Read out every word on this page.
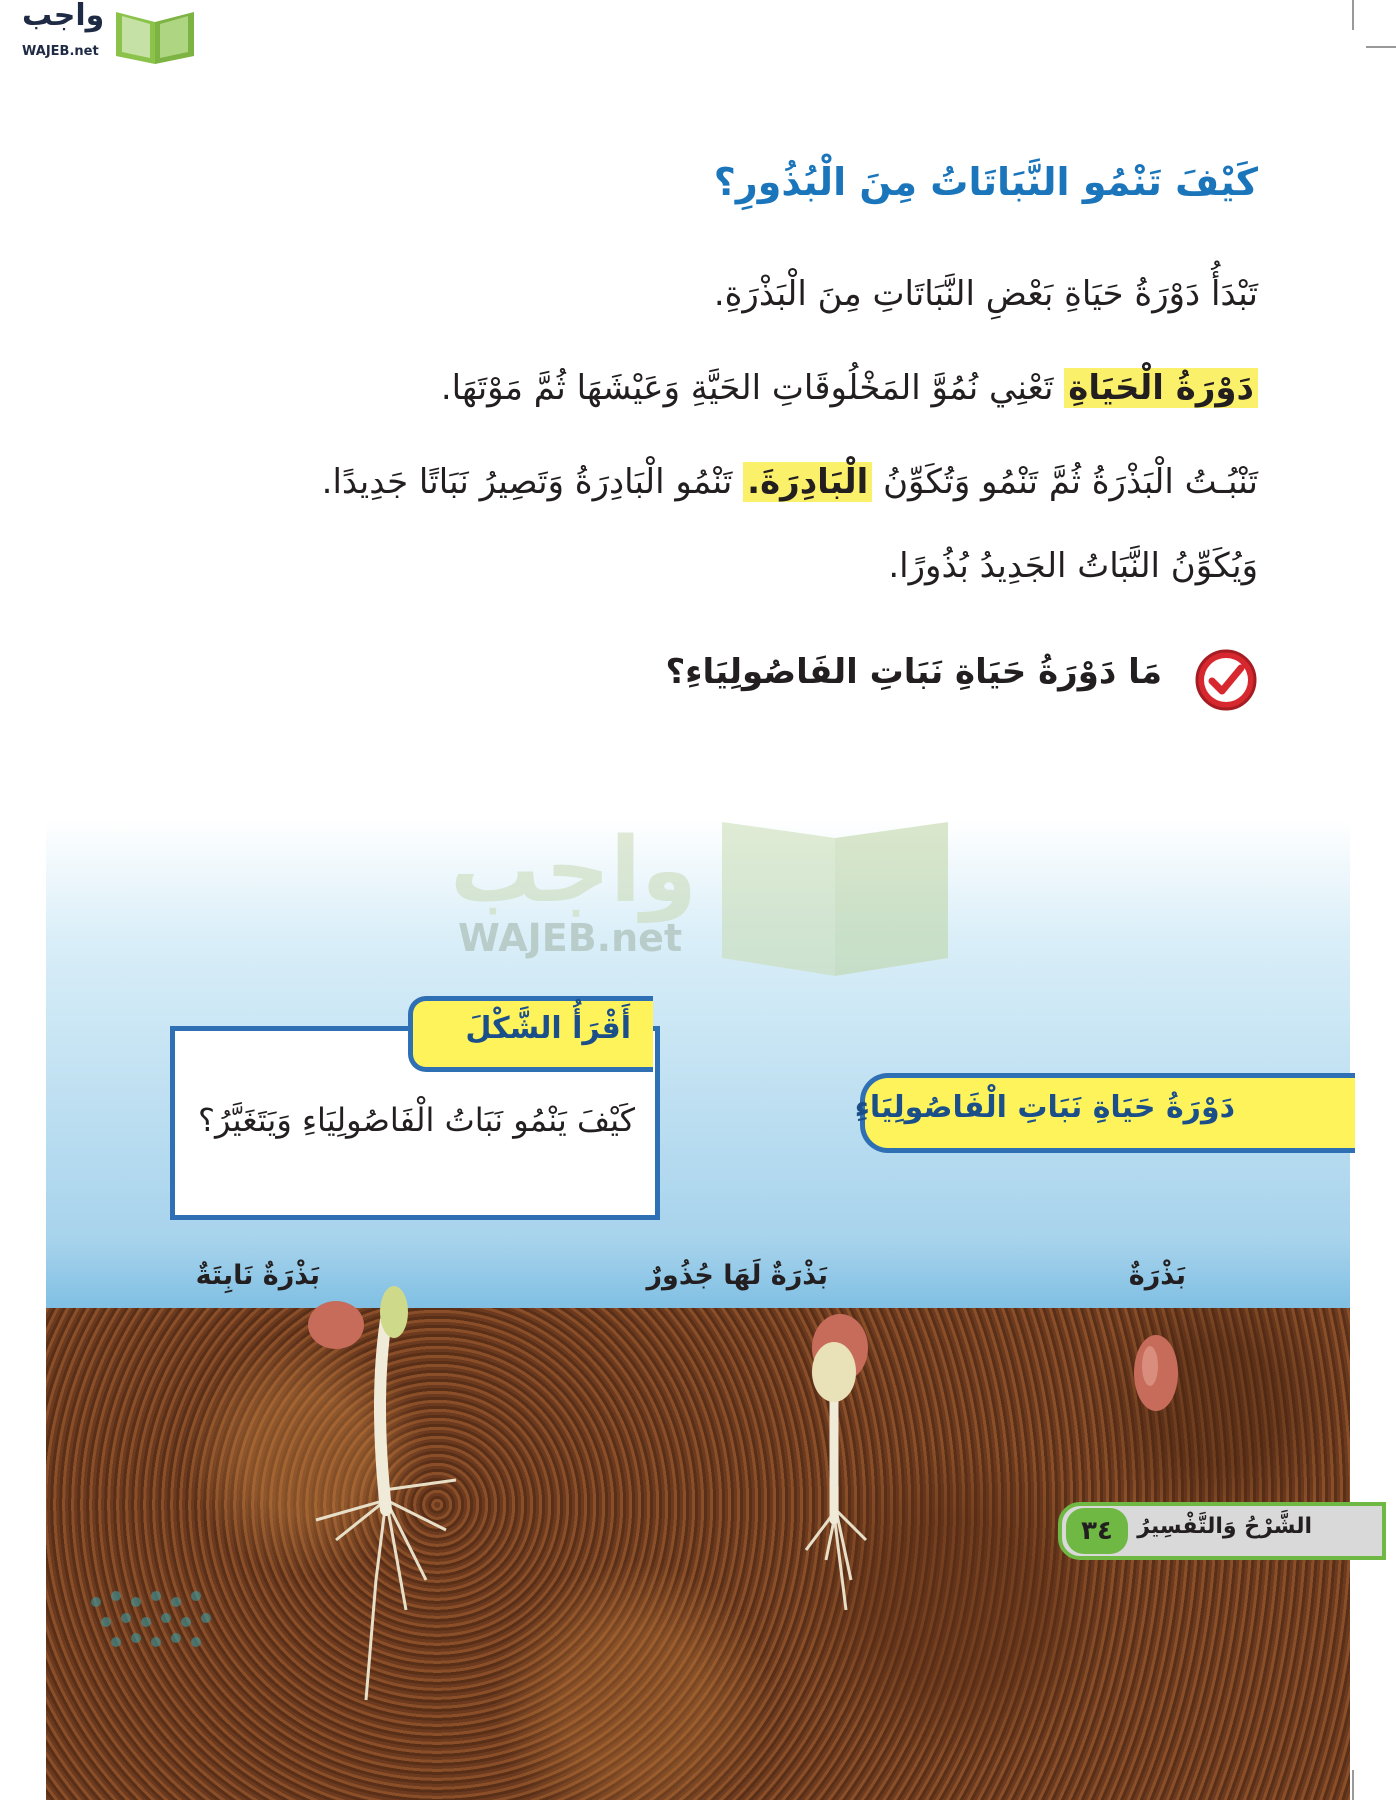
واجب
WAJEB.net
كَيْفَ تَنْمُو النَّبَاتَاتُ مِنَ الْبُذُورِ؟
تَبْدَأُ دَوْرَةُ حَيَاةِ بَعْضِ النَّبَاتَاتِ مِنَ الْبَذْرَةِ.
دَوْرَةُ الْحَيَاةِ تَعْنِي نُمُوَّ المَخْلُوقَاتِ الحَيَّةِ وَعَيْشَهَا ثُمَّ مَوْتَهَا.
تَنْبُـتُ الْبَذْرَةُ ثُمَّ تَنْمُو وَتُكَوِّنُ الْبَادِرَةَ. تَنْمُو الْبَادِرَةُ وَتَصِيرُ نَبَاتًا جَدِيدًا.
وَيُكَوِّنُ النَّبَاتُ الجَدِيدُ بُذُورًا.
مَا دَوْرَةُ حَيَاةِ نَبَاتِ الفَاصُولِيَاءِ؟
واجب
WAJEB.net
كَيْفَ يَنْمُو نَبَاتُ الْفَاصُولِيَاءِ وَيَتَغَيَّرُ؟
أَقْرَأُ الشَّكْلَ
دَوْرَةُ حَيَاةِ نَبَاتِ الْفَاصُولِيَاءِ
بَذْرَةٌ
بَذْرَةٌ لَهَا جُذُورٌ
بَذْرَةٌ نَابِتَةٌ
الشَّرْحُ وَالتَّفْسِيرُ
٣٤
